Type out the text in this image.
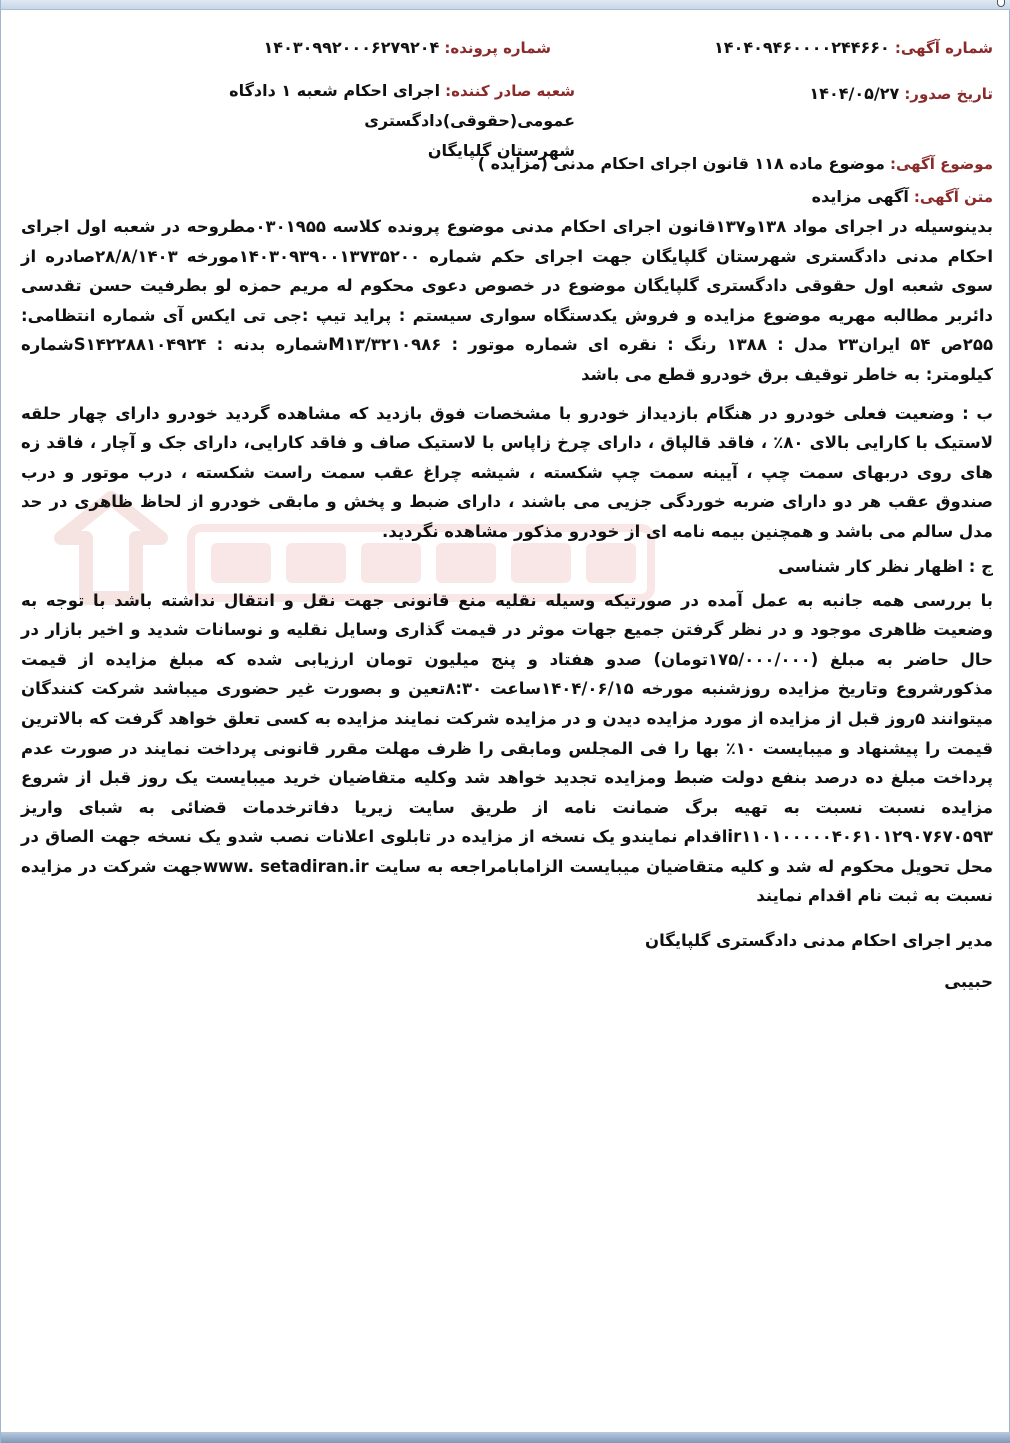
شماره آگهی: ۱۴۰۴۰۹۴۶۰۰۰۰۲۴۴۶۶۰
شماره پرونده: ۱۴۰۳۰۹۹۲۰۰۰۶۲۷۹۲۰۴
تاریخ صدور: ۱۴۰۴/۰۵/۲۷
شعبه صادر کننده: اجرای احکام شعبه ۱ دادگاه عمومی(حقوقی)دادگستری
شهرستان گلپایگان
موضوع آگهی: موضوع ماده ۱۱۸ قانون اجرای احکام مدنی (مزایده )
متن آگهی: آگهی مزایده

بدینوسیله در اجرای مواد ۱۳۸و۱۳۷قانون اجرای احکام مدنی موضوع پرونده کلاسه ۰۳۰۱۹۵۵مطروحه در شعبه اول اجرای احکام مدنی دادگستری شهرستان گلپایگان جهت اجرای حکم شماره ۱۴۰۳۰۹۳۹۰۰۱۳۷۳۵۲۰۰مورخه ۲۸/۸/۱۴۰۳صادره از سوی شعبه اول حقوقی دادگستری گلپایگان موضوع در خصوص دعوی محکوم له مریم حمزه لو بطرفیت حسن تقدسی دائربر مطالبه مهریه موضوع مزایده و فروش یکدستگاه سواری سیستم : پراید تیپ :جی تی ایکس آی شماره انتظامی: ۲۵۵ص ۵۴ ایران۲۳ مدل : ۱۳۸۸ رنگ : نقره ای شماره موتور : M۱۳/۳۲۱۰۹۸۶شماره بدنه : S۱۴۲۲۸۸۱۰۴۹۲۴شماره کیلومتر: به خاطر توقیف برق خودرو قطع می باشد

ب : وضعیت فعلی خودرو در هنگام بازدیداز خودرو با مشخصات فوق بازدید که مشاهده گردید خودرو دارای چهار حلقه لاستیک با کارایی بالای ۸۰٪ ، فاقد قالپاق ، دارای چرخ زاپاس با لاستیک صاف و فاقد کارایی، دارای جک و آچار ، فاقد زه های روی دربهای سمت چپ ، آیینه سمت چپ شکسته ، شیشه چراغ عقب سمت راست شکسته ، درب موتور و درب صندوق عقب هر دو دارای ضربه خوردگی جزیی می باشند ، دارای ضبط و پخش و مابقی خودرو از لحاظ ظاهری در حد مدل سالم می باشد و همچنین بیمه نامه ای از خودرو مذکور مشاهده نگردید.

ج : اظهار نظر کار شناسی

با بررسی همه جانبه به عمل آمده در صورتیکه وسیله نقلیه منع قانونی جهت نقل و انتقال نداشته باشد با توجه به وضعیت ظاهری موجود و در نظر گرفتن جمیع جهات موثر در قیمت گذاری وسایل نقلیه و نوسانات شدید و اخیر بازار در حال حاضر به مبلغ (۱۷۵/۰۰۰/۰۰۰تومان) صدو هفتاد و پنج میلیون تومان ارزیابی شده که مبلغ مزایده از قیمت مذکورشروع وتاریخ مزایده روزشنبه مورخه ۱۴۰۴/۰۶/۱۵ساعت ۸:۳۰تعین و بصورت غیر حضوری میباشد شرکت کنندگان میتوانند ۵روز قبل از مزایده از مورد مزایده دیدن و در مزایده شرکت نمایند مزایده به کسی تعلق خواهد گرفت که بالاترین قیمت را پیشنهاد و میبایست ۱۰٪ بها را فی المجلس ومابقی را ظرف مهلت مقرر قانونی پرداخت نمایند در صورت عدم پرداخت مبلغ ده درصد بنفع دولت ضبط ومزایده تجدید خواهد شد وکلیه متقاضیان خرید میبایست یک روز قبل از شروع مزایده نسبت نسبت به تهیه برگ ضمانت نامه از طریق سایت زیریا دفاترخدمات قضائی به شبای واریز ir۱۱۰۱۰۰۰۰۰۴۰۶۱۰۱۲۹۰۷۶۷۰۵۹۳اقدام نمایندو یک نسخه از مزایده در تابلوی اعلانات نصب شدو یک نسخه جهت الصاق در محل تحویل محکوم له شد و کلیه متقاضیان میبایست الزامابامراجعه به سایت www. setadiran.irجهت شرکت در مزایده نسبت به ثبت نام اقدام نمایند

مدیر اجرای احکام مدنی دادگستری گلپایگان
حبیبی
